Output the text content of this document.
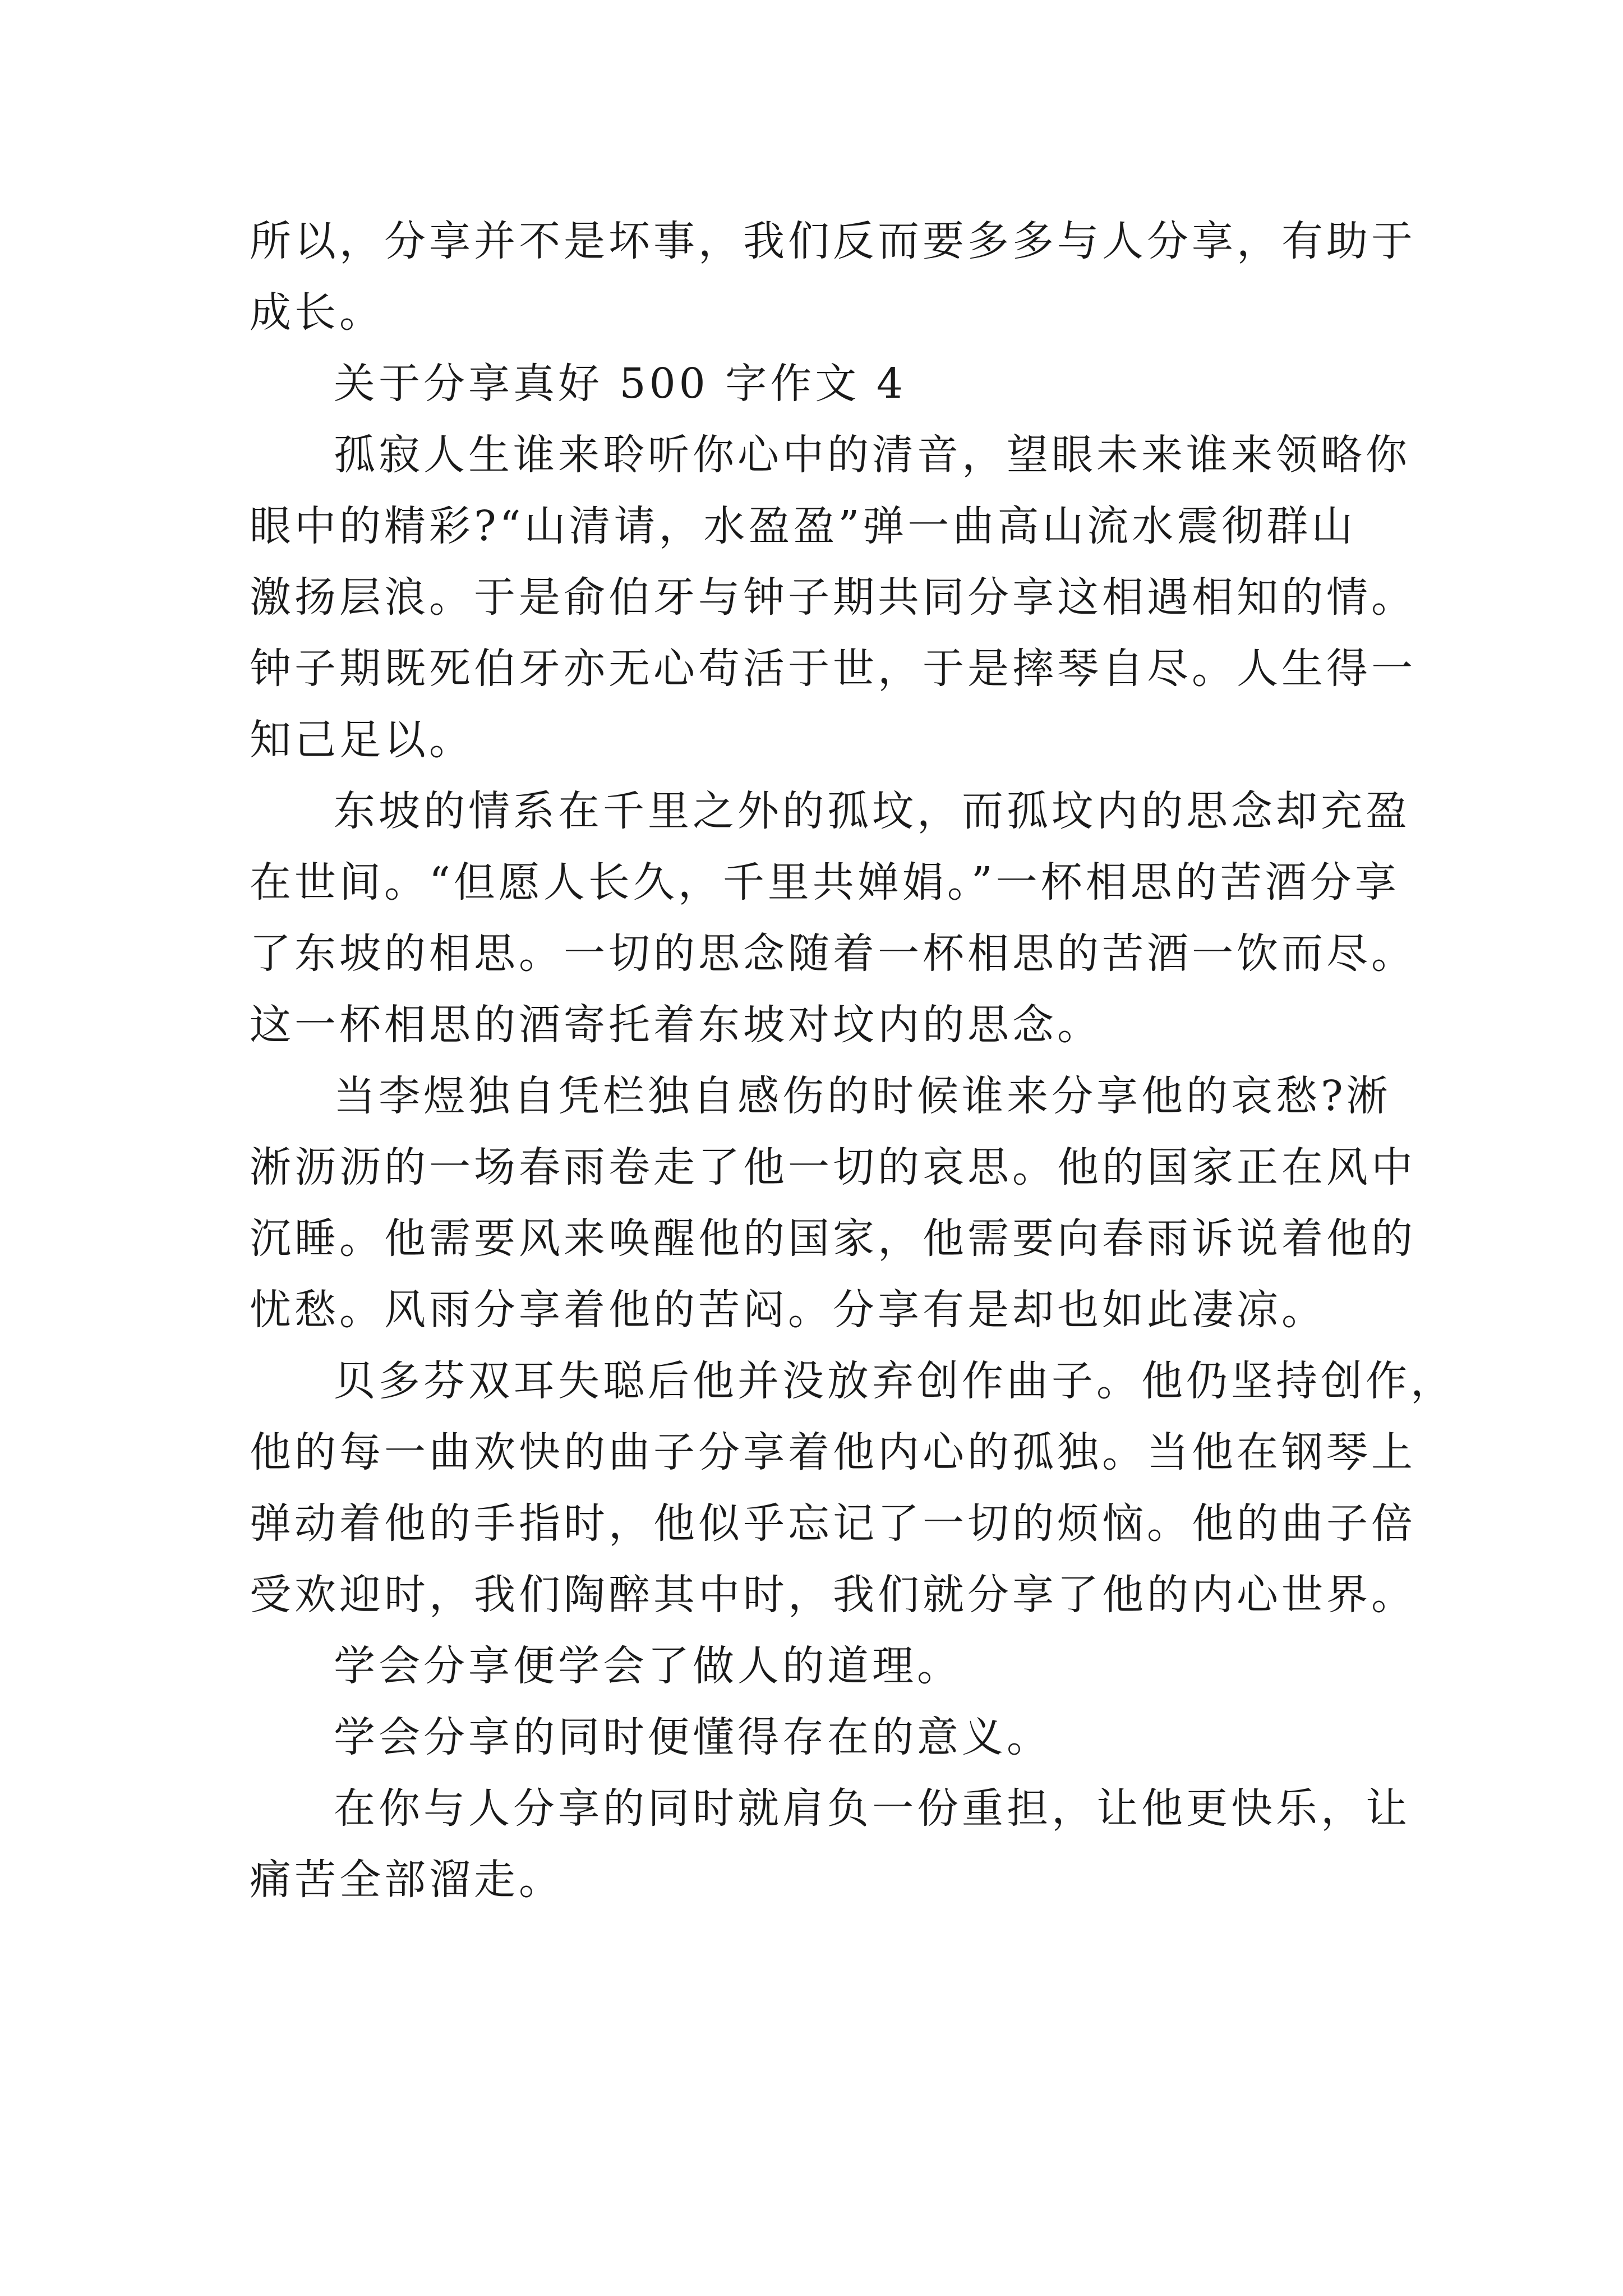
所以，分享并不是坏事，我们反而要多多与人分享，有助于
成长。
关于分享真好 500 字作文 4
孤寂人生谁来聆听你心中的清音，望眼未来谁来领略你
眼中的精彩?“山清请，水盈盈”弹一曲高山流水震彻群山
激扬层浪。于是俞伯牙与钟子期共同分享这相遇相知的情。
钟子期既死伯牙亦无心苟活于世，于是摔琴自尽。人生得一
知己足以。
东坡的情系在千里之外的孤坟，而孤坟内的思念却充盈
在世间。“但愿人长久，千里共婵娟。”一杯相思的苦酒分享
了东坡的相思。一切的思念随着一杯相思的苦酒一饮而尽。
这一杯相思的酒寄托着东坡对坟内的思念。
当李煜独自凭栏独自感伤的时候谁来分享他的哀愁?淅
淅沥沥的一场春雨卷走了他一切的哀思。他的国家正在风中
沉睡。他需要风来唤醒他的国家，他需要向春雨诉说着他的
忧愁。风雨分享着他的苦闷。分享有是却也如此凄凉。
贝多芬双耳失聪后他并没放弃创作曲子。他仍坚持创作，
他的每一曲欢快的曲子分享着他内心的孤独。当他在钢琴上
弹动着他的手指时，他似乎忘记了一切的烦恼。他的曲子倍
受欢迎时，我们陶醉其中时，我们就分享了他的内心世界。
学会分享便学会了做人的道理。
学会分享的同时便懂得存在的意义。
在你与人分享的同时就肩负一份重担，让他更快乐，让
痛苦全部溜走。
